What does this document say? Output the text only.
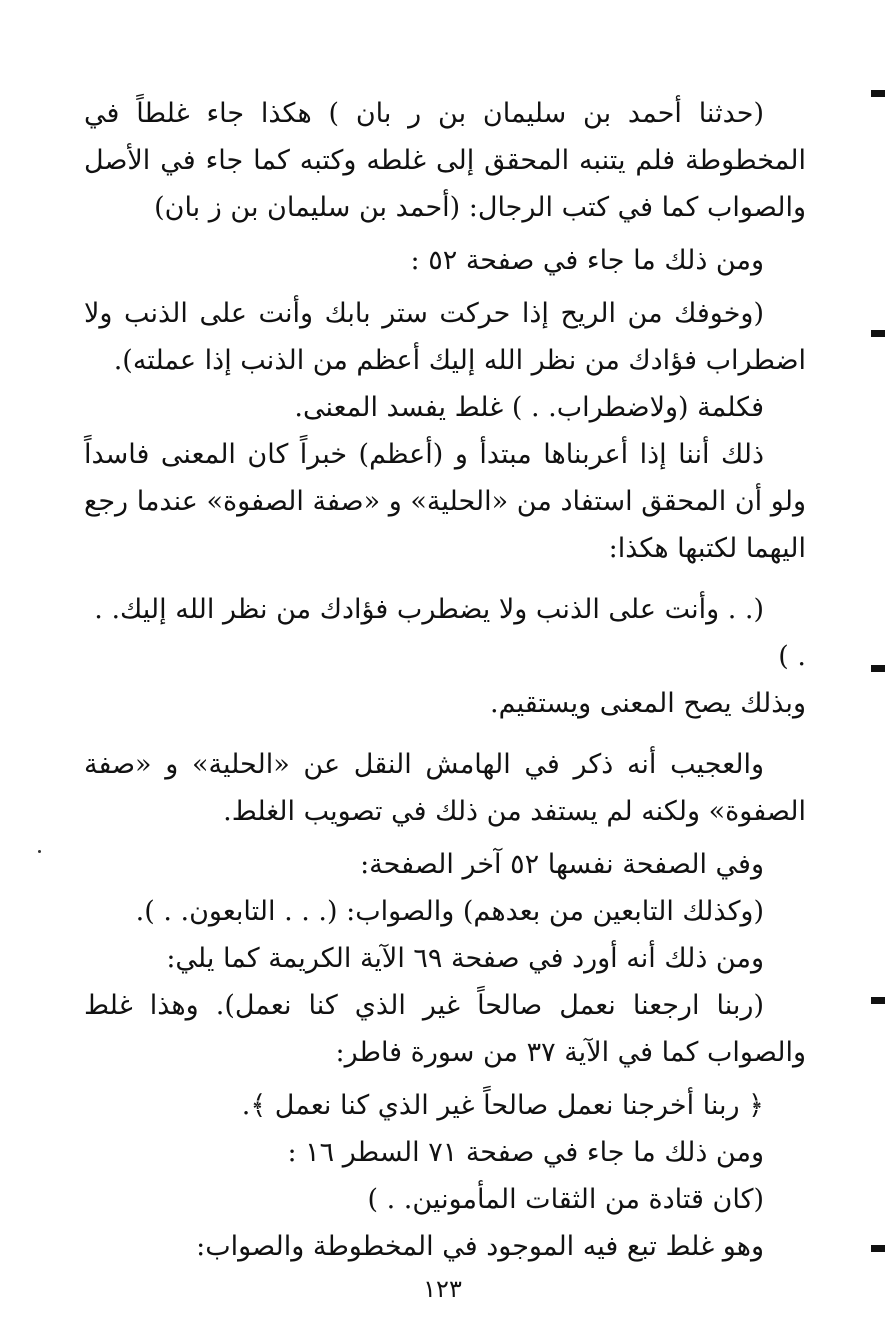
(حدثنا أحمد بن سليمان بن ر بان ) هكذا جاء غلطاً في المخطوطة فلم يتنبه المحقق إلى غلطه وكتبه كما جاء في الأصل والصواب كما في كتب الرجال: (أحمد بن سليمان بن ز بان)

ومن ذلك ما جاء في صفحة ٥٢ :

(وخوفك من الريح إذا حركت ستر بابك وأنت على الذنب ولا اضطراب فؤادك من نظر الله إليك أعظم من الذنب إذا عملته).

فكلمة (ولاضطراب. . ) غلط يفسد المعنى.

ذلك أننا إذا أعربناها مبتدأ و (أعظم) خبراً كان المعنى فاسداً ولو أن المحقق استفاد من «الحلية» و «صفة الصفوة» عندما رجع اليهما لكتبها هكذا:

(. . وأنت على الذنب ولا يضطرب فؤادك من نظر الله إليك. . . )

وبذلك يصح المعنى ويستقيم.

والعجيب أنه ذكر في الهامش النقل عن «الحلية» و «صفة الصفوة» ولكنه لم يستفد من ذلك في تصويب الغلط.

وفي الصفحة نفسها ٥٢ آخر الصفحة:

(وكذلك التابعين من بعدهم) والصواب: (. . . التابعون. . ).

ومن ذلك أنه أورد في صفحة ٦٩ الآية الكريمة كما يلي:

(ربنا ارجعنا نعمل صالحاً غير الذي كنا نعمل). وهذا غلط والصواب كما في الآية ٣٧ من سورة فاطر:

﴿ ربنا أخرجنا نعمل صالحاً غير الذي كنا نعمل ﴾.

ومن ذلك ما جاء في صفحة ٧١ السطر ١٦ :

(كان قتادة من الثقات المأمونين. . )

وهو غلط تبع فيه الموجود في المخطوطة والصواب:

١٢٣
